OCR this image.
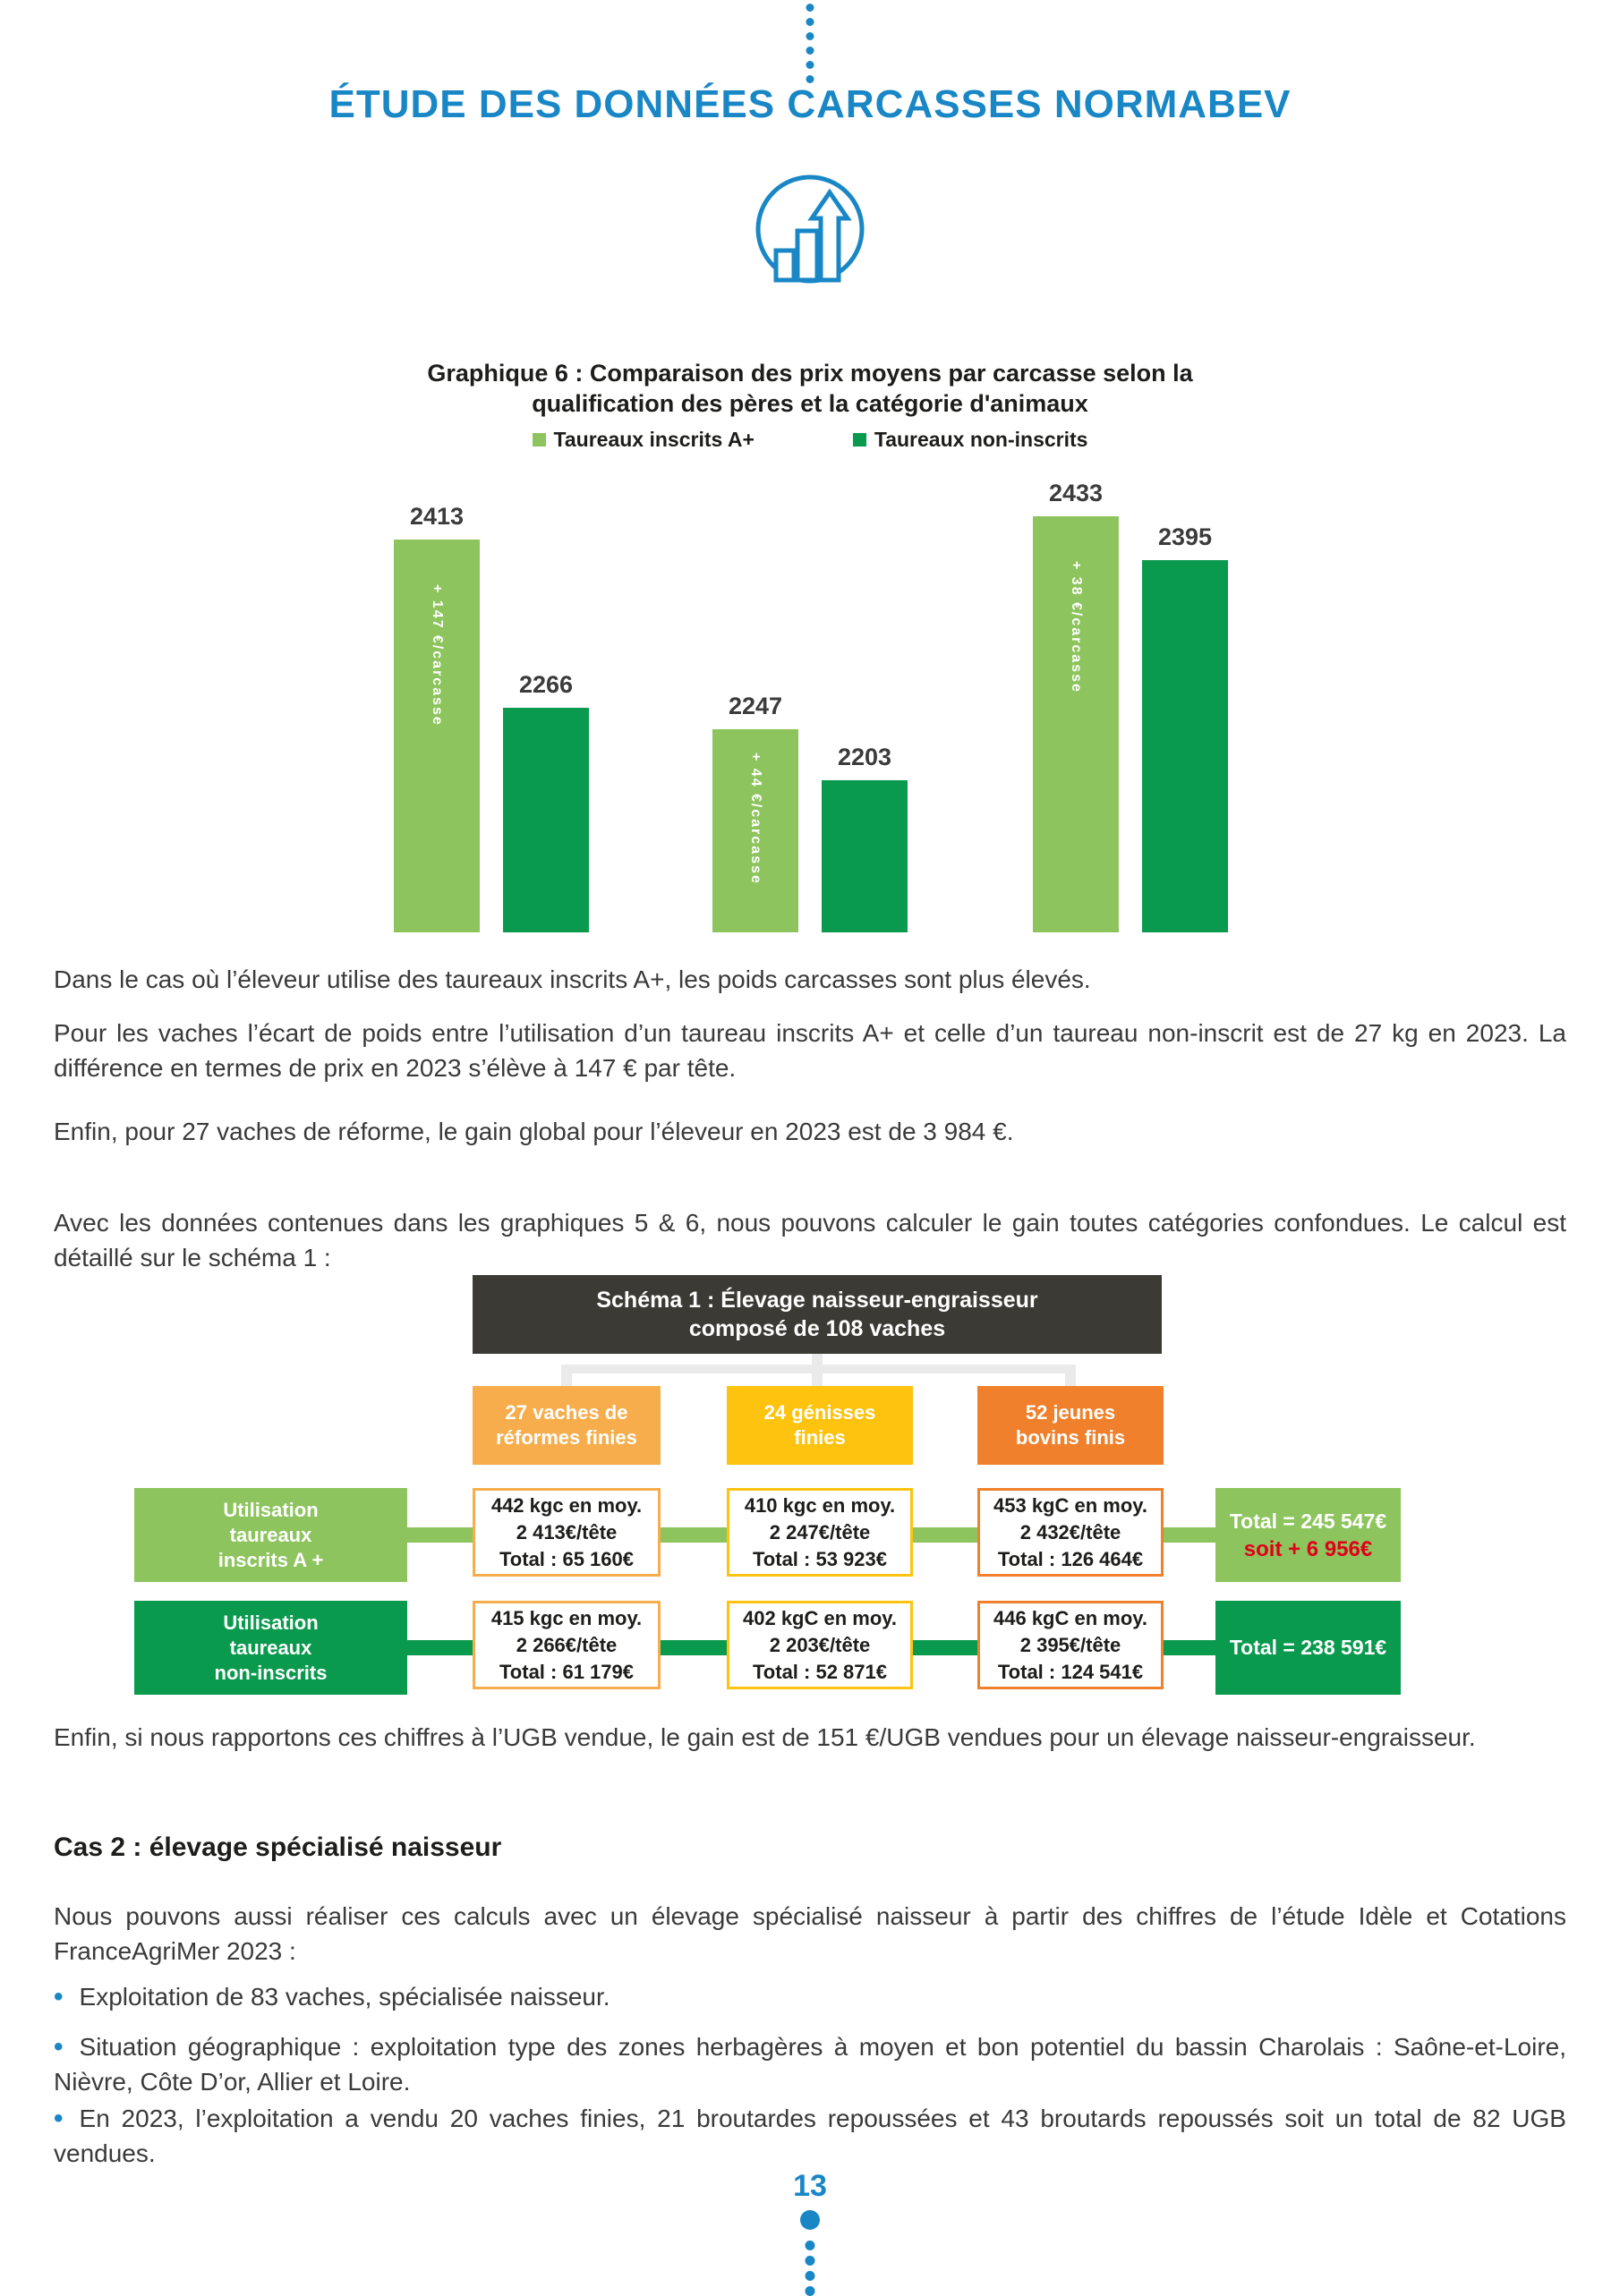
ÉTUDE DES DONNÉES CARCASSES NORMABEV
Graphique 6 : Comparaison des prix moyens par carcasse selon la
qualification des pères et la catégorie d'animaux
Taureaux inscrits A+	Taureaux non-inscrits
+ 147 €/carcasse
2413
+ 44 €/carcasse
2247
+ 38 €/carcasse
2433
2266
2203
2395
Dans le cas où l’éleveur utilise des taureaux inscrits A+, les poids carcasses sont plus élevés.
Pour les vaches l’écart de poids entre l’utilisation d’un taureau inscrits A+ et celle d’un taureau non-inscrit est de 27 kg en 2023. La différence en termes de prix en 2023 s’élève à 147 € par tête.
Enfin, pour 27 vaches de réforme, le gain global pour l’éleveur en 2023 est de 3 984 €.
Avec les données contenues dans les graphiques 5 & 6, nous pouvons calculer le gain toutes catégories confondues. Le calcul est détaillé sur le schéma 1 :
Schéma 1 : Élevage naisseur-engraisseur
composé de 108 vaches
27 vaches de
réformes finies
24 génisses
finies
52 jeunes
bovins finis
Utilisation
taureaux
inscrits A +
442 kgc en moy.
2 413€/tête
Total : 65 160€
410 kgc en moy.
2 247€/tête
Total : 53 923€
453 kgC en moy.
2 432€/tête
Total : 126 464€
Total = 245 547€
soit + 6 956€
Utilisation
taureaux
non-inscrits
415 kgc en moy.
2 266€/tête
Total : 61 179€
402 kgC en moy.
2 203€/tête
Total : 52 871€
446 kgC en moy.
2 395€/tête
Total : 124 541€
Total = 238 591€
Enfin, si nous rapportons ces chiffres à l’UGB vendue, le gain est de 151 €/UGB vendues pour un élevage naisseur-engraisseur.
Cas 2 : élevage spécialisé naisseur
Nous pouvons aussi réaliser ces calculs avec un élevage spécialisé naisseur à partir des chiffres de l’étude Idèle et Cotations FranceAgriMer 2023 :
• Exploitation de 83 vaches, spécialisée naisseur.
• Situation géographique : exploitation type des zones herbagères à moyen et bon potentiel du bassin Charolais : Saône-et-Loire, Nièvre, Côte D’or, Allier et Loire.
• En 2023, l’exploitation a vendu 20 vaches finies, 21 broutardes repoussées et 43 broutards repoussés soit un total de 82 UGB vendues.
13
